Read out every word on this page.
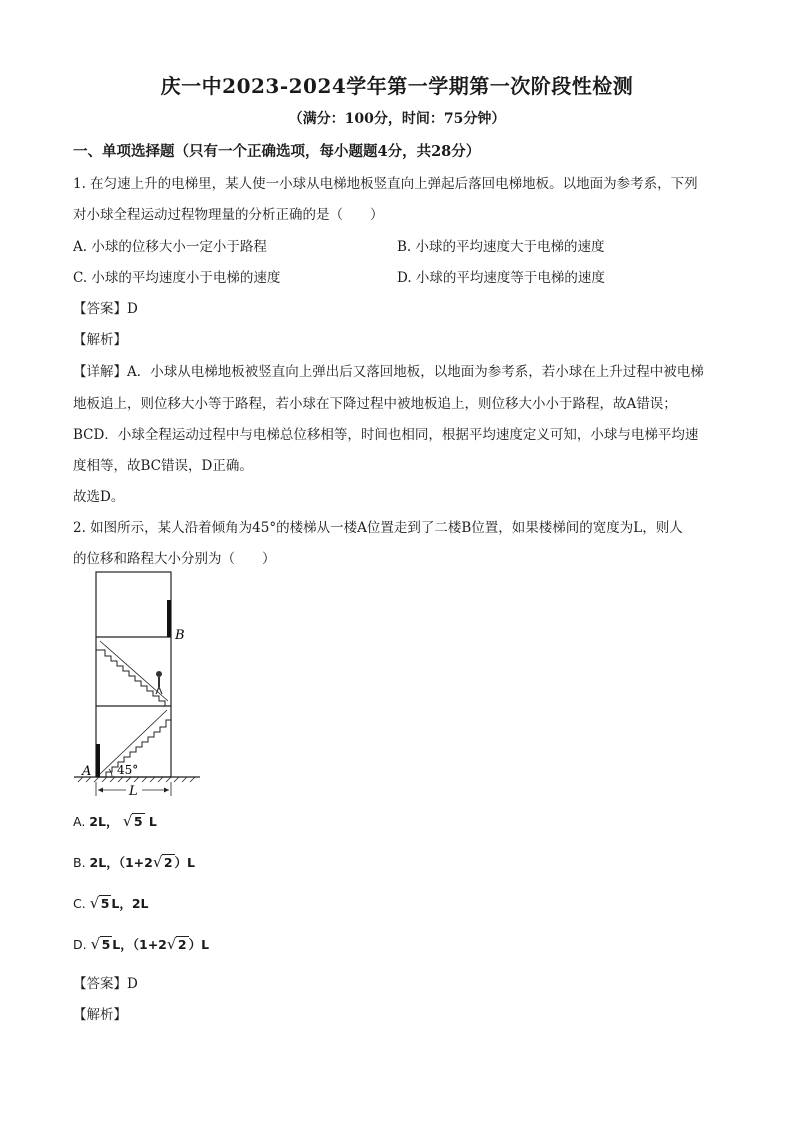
庆一中2023-2024学年第一学期第一次阶段性检测
（满分：100分，时间：75分钟）
一、单项选择题（只有一个正确选项，每小题题4分，共28分）
1. 在匀速上升的电梯里，某人使一小球从电梯地板竖直向上弹起后落回电梯地板。以地面为参考系，下列
对小球全程运动过程物理量的分析正确的是（　　）
A. 小球的位移大小一定小于路程	B. 小球的平均速度大于电梯的速度
C. 小球的平均速度小于电梯的速度	D. 小球的平均速度等于电梯的速度
【答案】D
【解析】
【详解】A．小球从电梯地板被竖直向上弹出后又落回地板，以地面为参考系，若小球在上升过程中被电梯
地板追上，则位移大小等于路程，若小球在下降过程中被地板追上，则位移大小小于路程，故A错误；
BCD．小球全程运动过程中与电梯总位移相等，时间也相同，根据平均速度定义可知，小球与电梯平均速
度相等，故BC错误，D正确。
故选D。
2. 如图所示，某人沿着倾角为45°的楼梯从一楼A位置走到了二楼B位置，如果楼梯间的宽度为L，则人
的位移和路程大小分别为（　　）
A
B
45°
L
A. 2L， √ 5 L
B. 2L，（1+2 √ 2 ）L
C. √ 5 L，2L
D. √ 5 L，（1+2 √ 2 ）L
【答案】D
【解析】
